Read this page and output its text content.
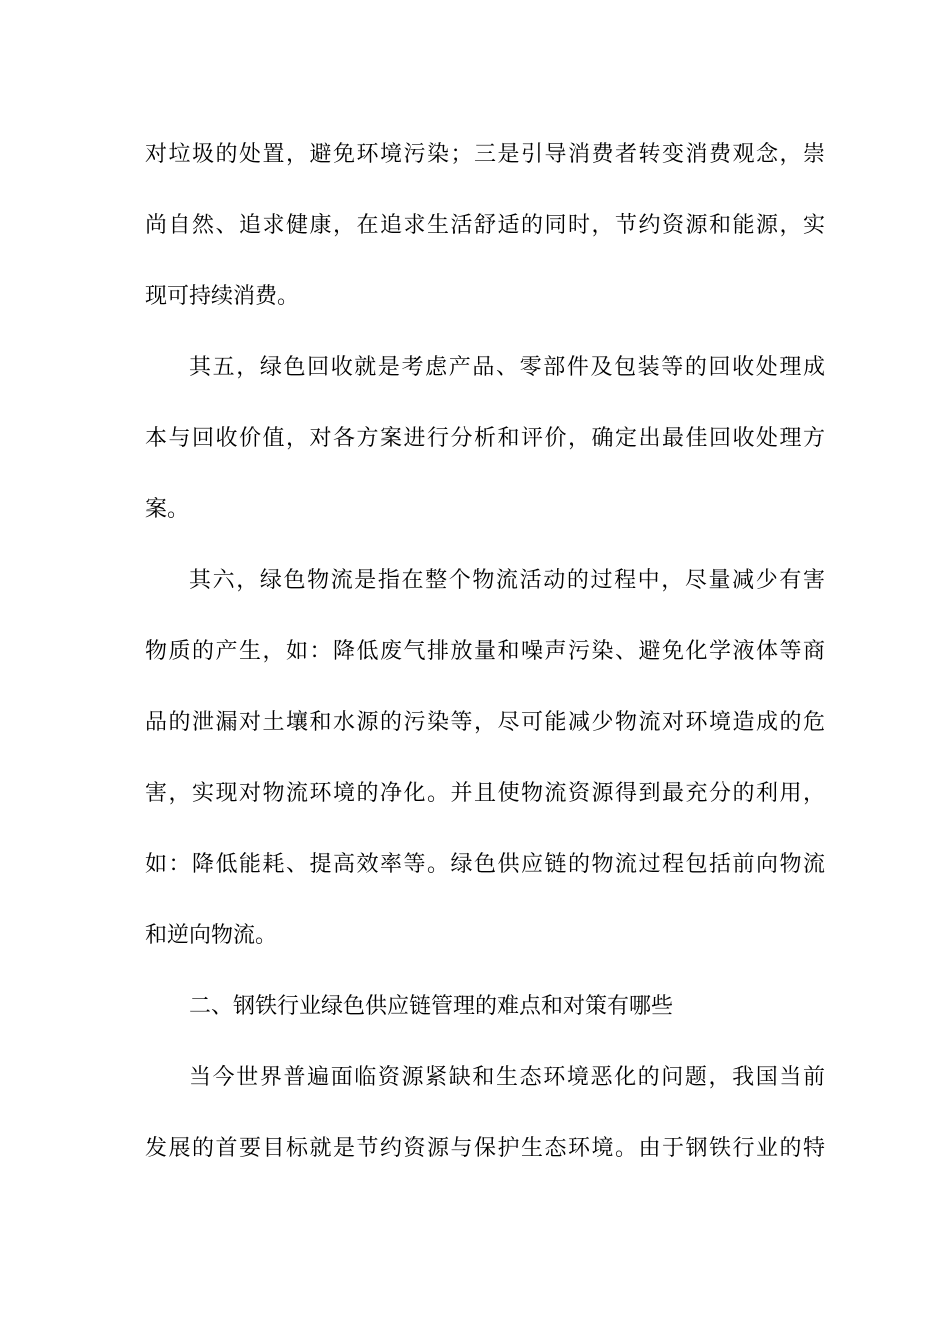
对垃圾的处置，避免环境污染；三是引导消费者转变消费观念，崇

尚自然、追求健康，在追求生活舒适的同时，节约资源和能源，实

现可持续消费。

其五，绿色回收就是考虑产品、零部件及包装等的回收处理成

本与回收价值，对各方案进行分析和评价，确定出最佳回收处理方

案。

其六，绿色物流是指在整个物流活动的过程中，尽量减少有害

物质的产生，如：降低废气排放量和噪声污染、避免化学液体等商

品的泄漏对土壤和水源的污染等，尽可能减少物流对环境造成的危

害，实现对物流环境的净化。并且使物流资源得到最充分的利用，

如：降低能耗、提高效率等。绿色供应链的物流过程包括前向物流

和逆向物流。

二、钢铁行业绿色供应链管理的难点和对策有哪些

当今世界普遍面临资源紧缺和生态环境恶化的问题，我国当前

发展的首要目标就是节约资源与保护生态环境。由于钢铁行业的特
